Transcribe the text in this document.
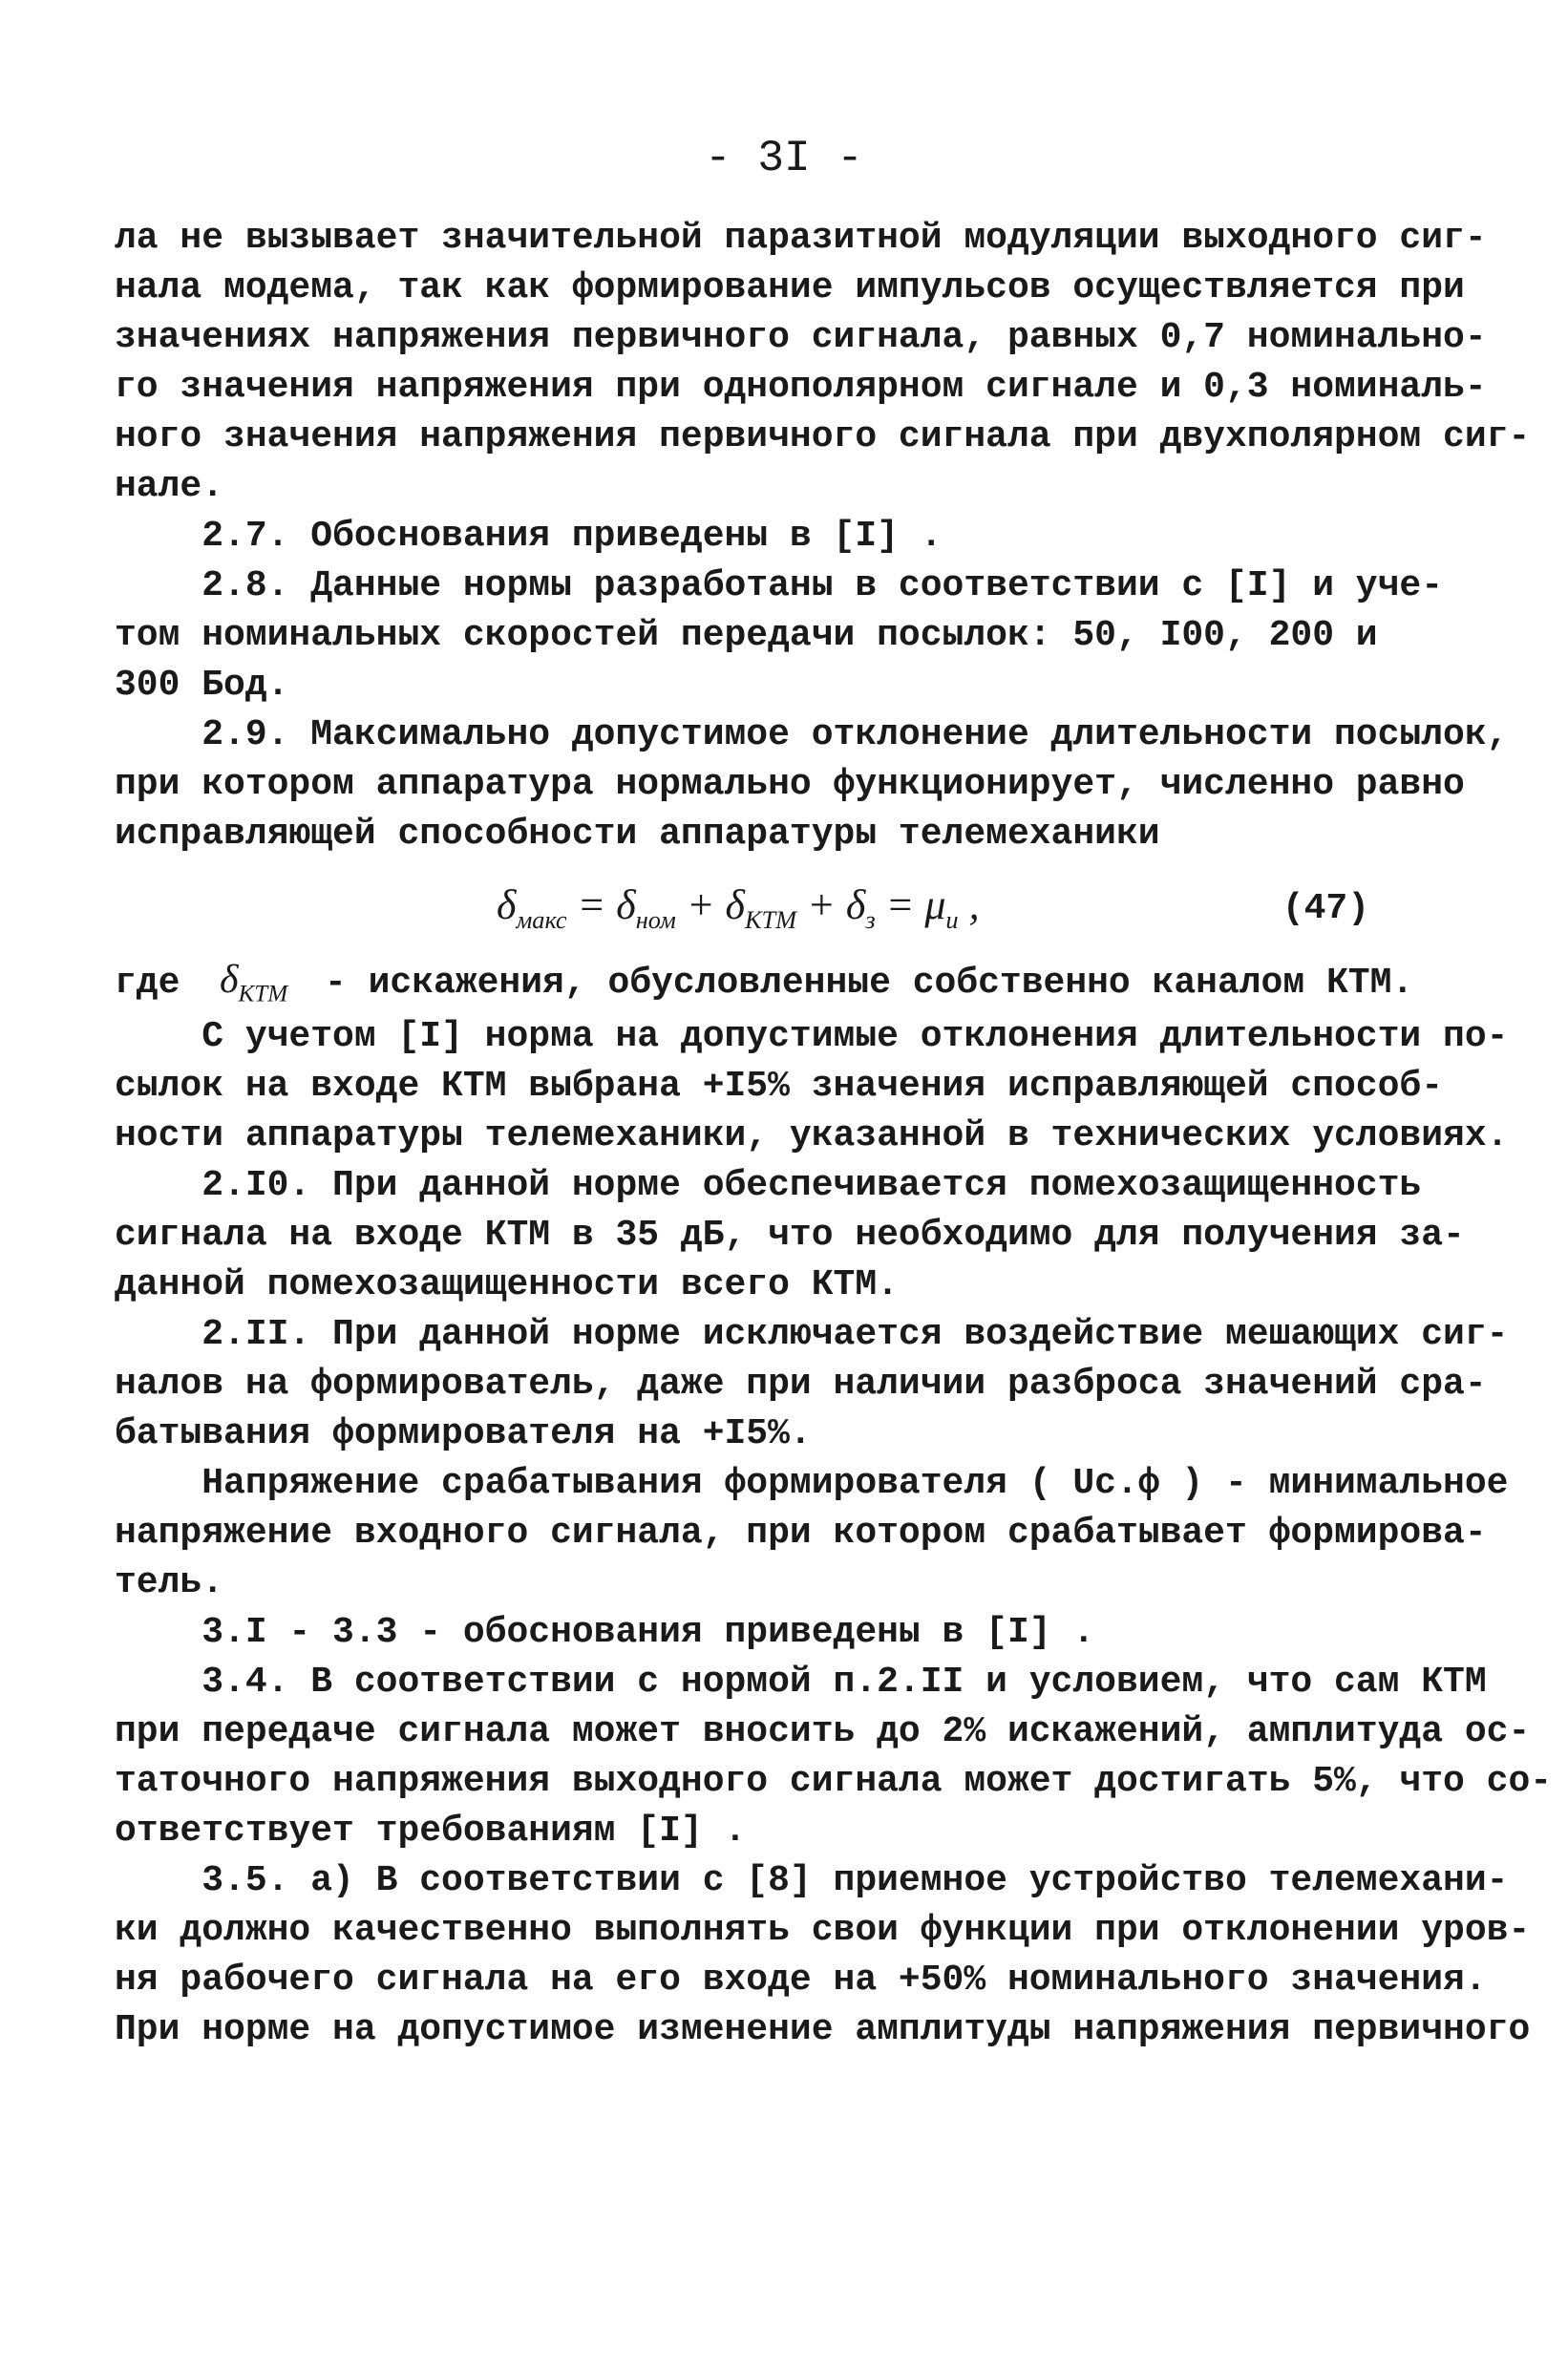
- 3I -
ла не вызывает значительной паразитной модуляции выходного сиг-
нала модема, так как формирование импульсов осуществляется при
значениях напряжения первичного сигнала, равных 0,7 номинально-
го значения напряжения при однополярном сигнале и 0,3 номиналь-
ного значения напряжения первичного сигнала при двухполярном сиг-
нале.
2.7. Обоснования приведены в [I] .
2.8. Данные нормы разработаны в соответствии с [I] и уче-
том номинальных скоростей передачи посылок: 50, I00, 200 и
300 Бод.
2.9. Максимально допустимое отклонение длительности посылок,
при котором аппаратура нормально функционирует, численно равно
исправляющей способности аппаратуры телемеханики
$\delta_{макс} = \delta_{ном} + \delta_{КТМ} + \delta_з = \mu_и$ ,	(47)
где $\delta_{КТМ}$ - искажения, обусловленные собственно каналом КТМ.
С учетом [I] норма на допустимые отклонения длительности по-
сылок на входе КТМ выбрана +I5% значения исправляющей способ-
ности аппаратуры телемеханики, указанной в технических условиях.
2.I0. При данной норме обеспечивается помехозащищенность
сигнала на входе КТМ в 35 дБ, что необходимо для получения за-
данной помехозащищенности всего КТМ.
2.II. При данной норме исключается воздействие мешающих сиг-
налов на формирователь, даже при наличии разброса значений сра-
батывания формирователя на +I5%.
Напряжение срабатывания формирователя ( Uс.ф ) - минимальное
напряжение входного сигнала, при котором срабатывает формирова-
тель.
3.I - 3.3 - обоснования приведены в [I] .
3.4. В соответствии с нормой п.2.II и условием, что сам КТМ
при передаче сигнала может вносить до 2% искажений, амплитуда ос-
таточного напряжения выходного сигнала может достигать 5%, что со-
ответствует требованиям [I] .
3.5. а) В соответствии с [8] приемное устройство телемехани-
ки должно качественно выполнять свои функции при отклонении уров-
ня рабочего сигнала на его входе на +50% номинального значения.
При норме на допустимое изменение амплитуды напряжения первичного
